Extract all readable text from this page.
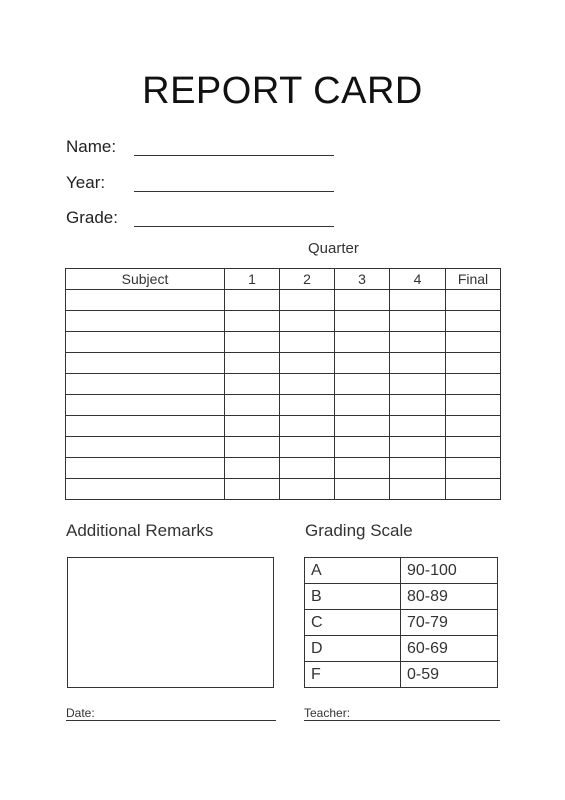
REPORT CARD
Name:
Year:
Grade:
Quarter
Subject	1	2	3	4	Final

Additional Remarks	Grading Scale
A	90-100
B	80-89
C	70-79
D	60-69
F	0-59
Date:	Teacher:
